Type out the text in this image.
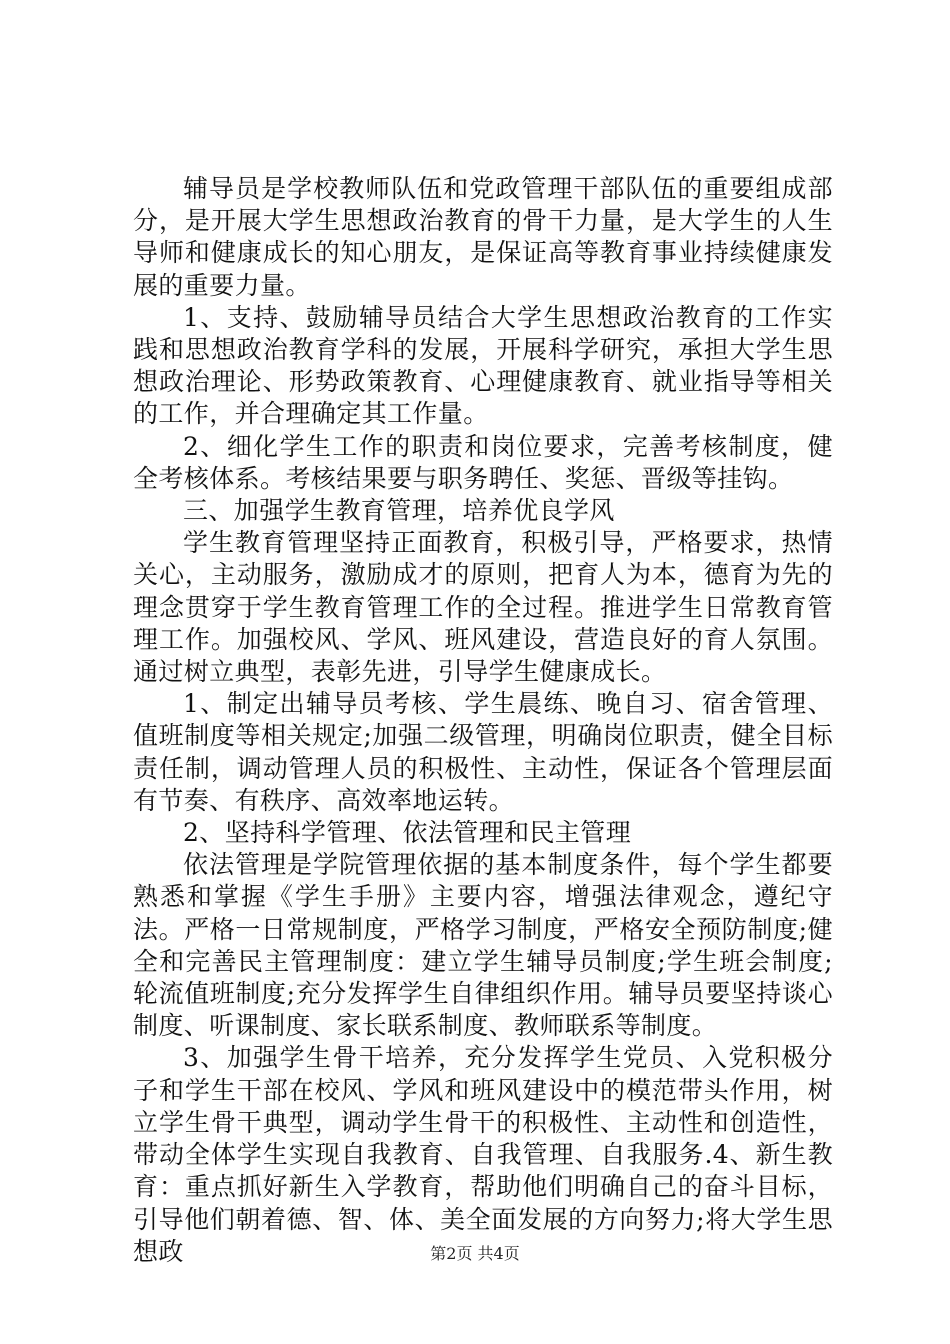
辅导员是学校教师队伍和党政管理干部队伍的重要组成部分，是开展大学生思想政治教育的骨干力量，是大学生的人生导师和健康成长的知心朋友，是保证高等教育事业持续健康发展的重要力量。

1、支持、鼓励辅导员结合大学生思想政治教育的工作实践和思想政治教育学科的发展，开展科学研究，承担大学生思想政治理论、形势政策教育、心理健康教育、就业指导等相关的工作，并合理确定其工作量。

2、细化学生工作的职责和岗位要求，完善考核制度，健全考核体系。考核结果要与职务聘任、奖惩、晋级等挂钩。

三、加强学生教育管理，培养优良学风

学生教育管理坚持正面教育，积极引导，严格要求，热情关心，主动服务，激励成才的原则，把育人为本，德育为先的理念贯穿于学生教育管理工作的全过程。推进学生日常教育管理工作。加强校风、学风、班风建设，营造良好的育人氛围。通过树立典型，表彰先进，引导学生健康成长。

1、制定出辅导员考核、学生晨练、晚自习、宿舍管理、值班制度等相关规定;加强二级管理，明确岗位职责，健全目标责任制，调动管理人员的积极性、主动性，保证各个管理层面有节奏、有秩序、高效率地运转。

2、坚持科学管理、依法管理和民主管理

依法管理是学院管理依据的基本制度条件，每个学生都要熟悉和掌握《学生手册》主要内容，增强法律观念，遵纪守法。严格一日常规制度，严格学习制度，严格安全预防制度;健全和完善民主管理制度：建立学生辅导员制度;学生班会制度;轮流值班制度;充分发挥学生自律组织作用。辅导员要坚持谈心制度、听课制度、家长联系制度、教师联系等制度。

3、加强学生骨干培养，充分发挥学生党员、入党积极分子和学生干部在校风、学风和班风建设中的模范带头作用，树立学生骨干典型，调动学生骨干的积极性、主动性和创造性，带动全体学生实现自我教育、自我管理、自我服务.4、新生教育：重点抓好新生入学教育，帮助他们明确自己的奋斗目标，引导他们朝着德、智、体、美全面发展的方向努力;将大学生思想政	第2页 共4页
